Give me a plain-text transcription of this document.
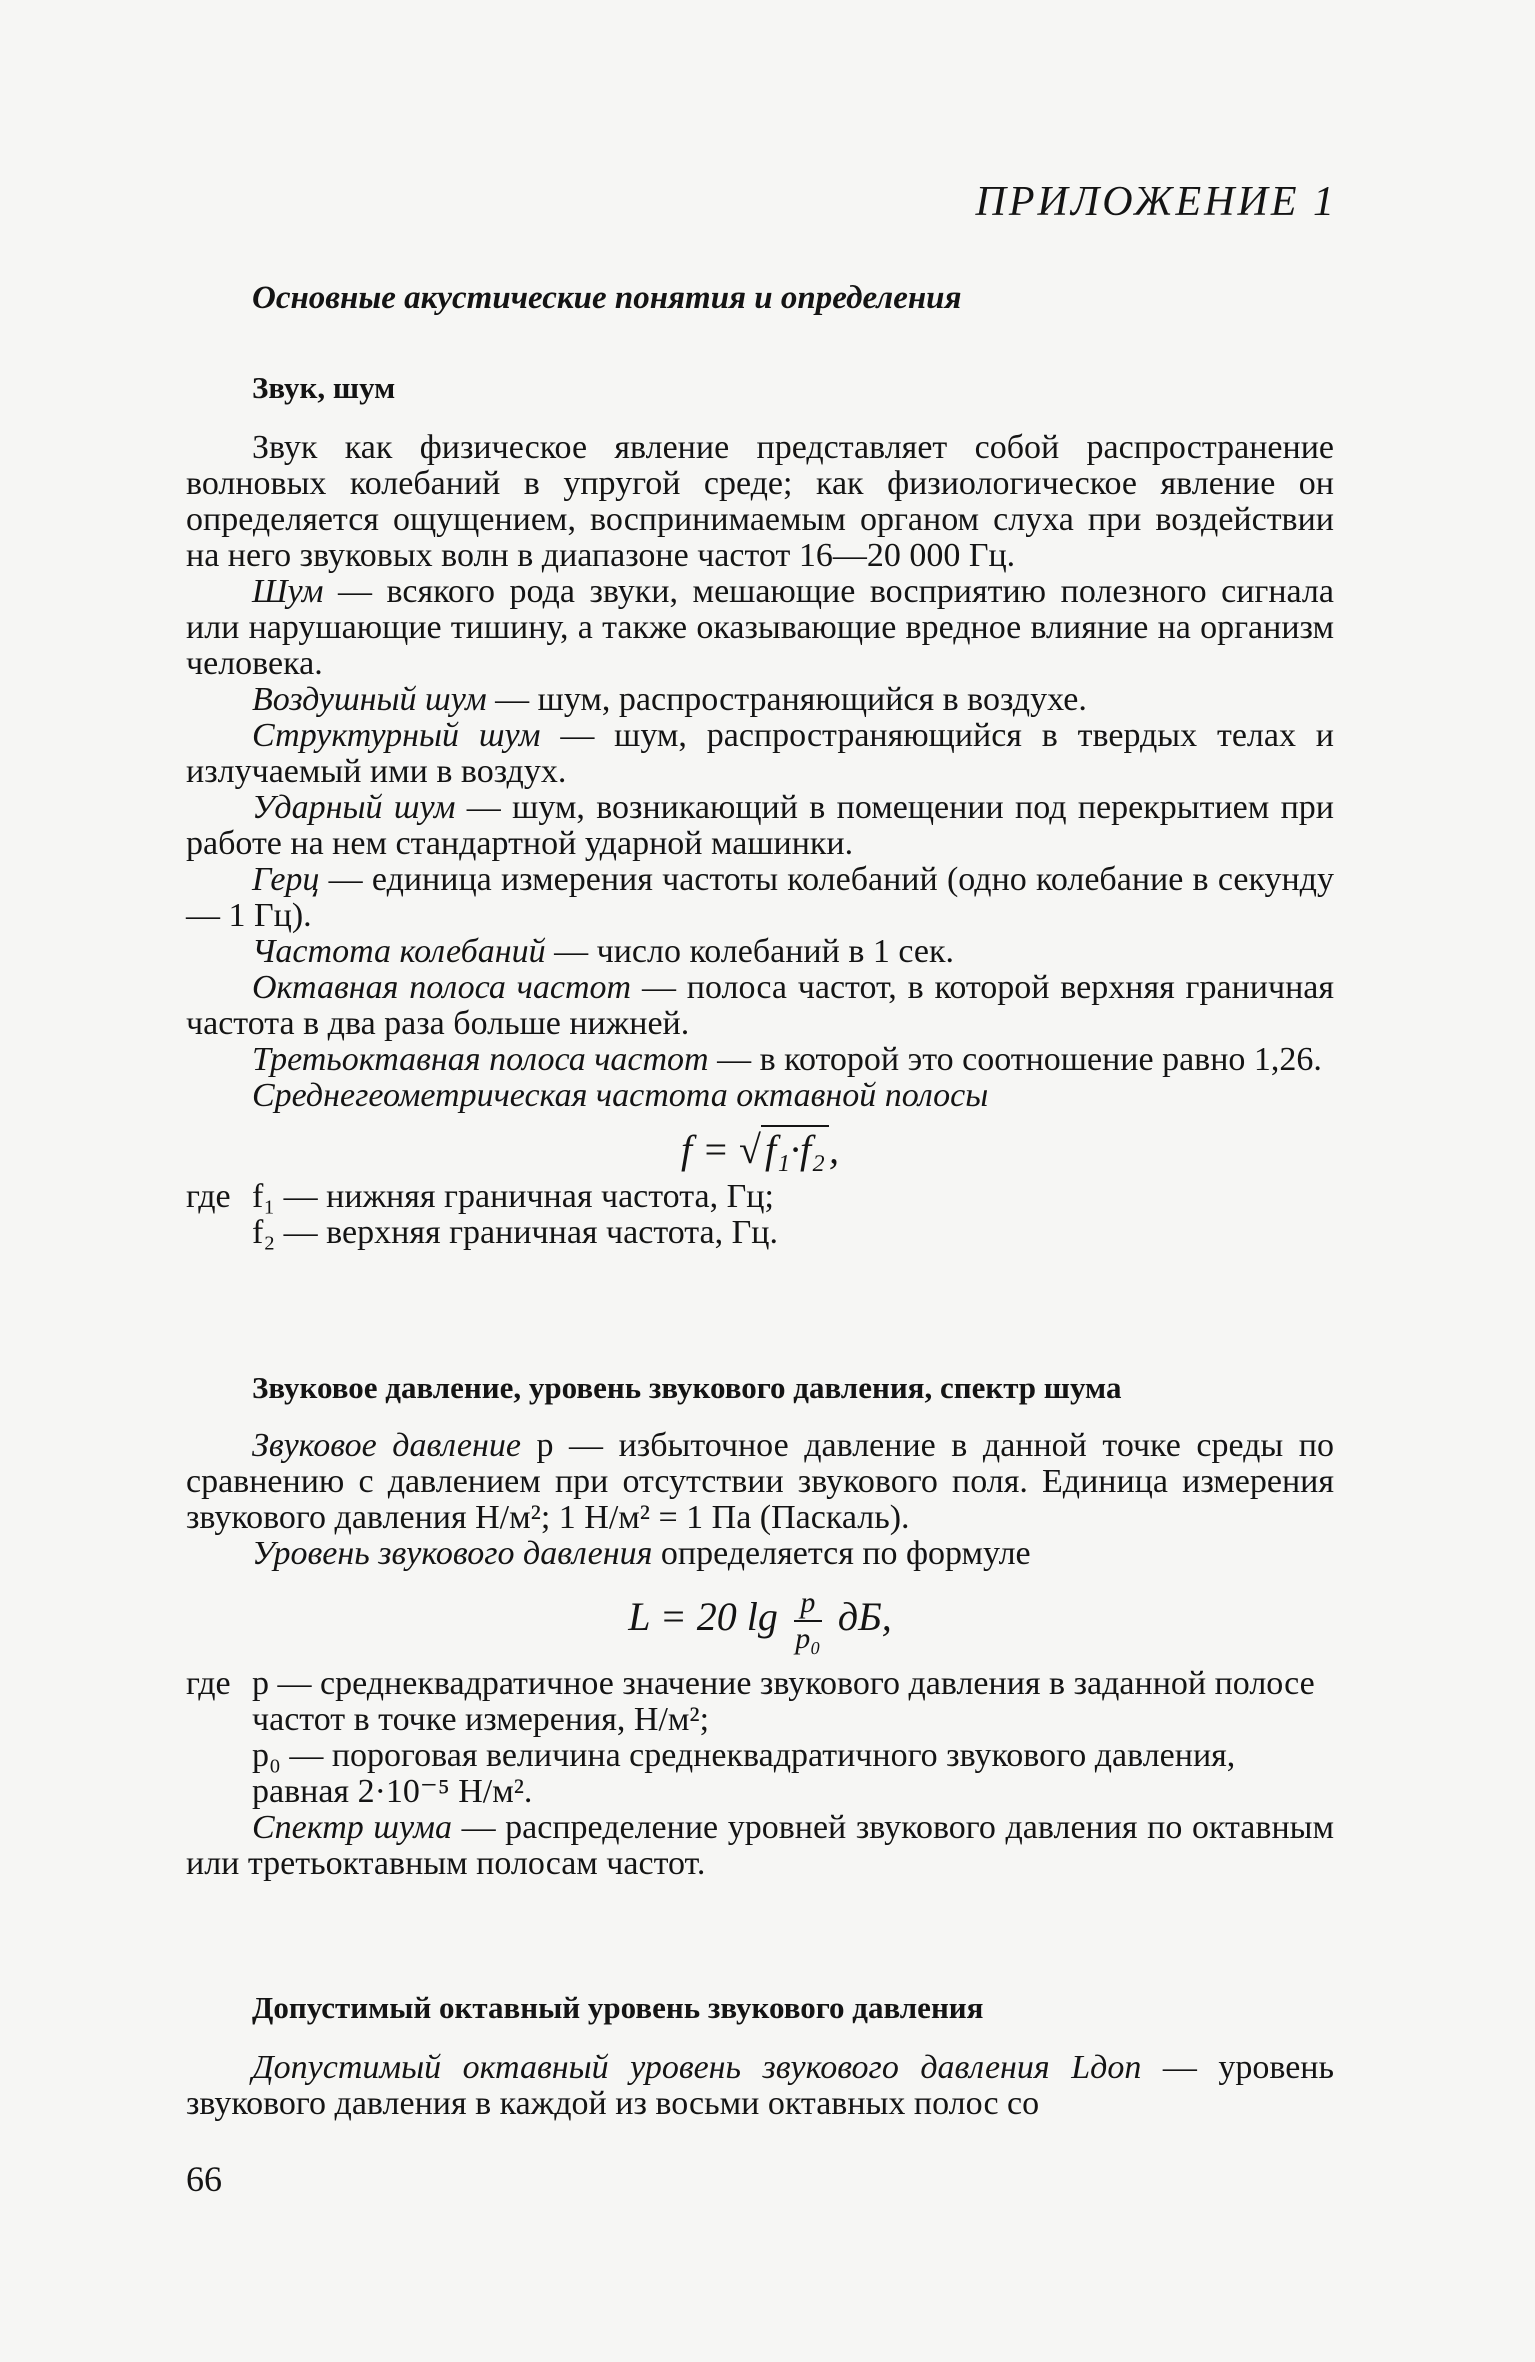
ПРИЛОЖЕНИЕ 1
Основные акустические понятия и определения
Звук, шум

Звук как физическое явление представляет собой распространение волновых колебаний в упругой среде; как физиологическое явление он определяется ощущением, воспринимаемым органом слуха при воздействии на него звуковых волн в диапазоне частот 16—20 000 Гц.

Шум — всякого рода звуки, мешающие восприятию полезного сигнала или нарушающие тишину, а также оказывающие вредное влияние на организм человека.

Воздушный шум — шум, распространяющийся в воздухе.

Структурный шум — шум, распространяющийся в твердых телах и излучаемый ими в воздух.

Ударный шум — шум, возникающий в помещении под перекрытием при работе на нем стандартной ударной машинки.

Герц — единица измерения частоты колебаний (одно колебание в секунду — 1 Гц).

Частота колебаний — число колебаний в 1 сек.

Октавная полоса частот — полоса частот, в которой верхняя граничная частота в два раза больше нижней.

Третьоктавная полоса частот — в которой это соотношение равно 1,26.

Среднегеометрическая частота октавной полосы

f = √ f₁·f₂ ,
где f₁ — нижняя граничная частота, Гц;
f₂ — верхняя граничная частота, Гц.
Звуковое давление, уровень звукового давления, спектр шума

Звуковое давление p — избыточное давление в данной точке среды по сравнению с давлением при отсутствии звукового поля. Единица измерения звукового давления Н/м²; 1 Н/м² = 1 Па (Паскаль).

Уровень звукового давления определяется по формуле

L = 20 $\lg \frac{p}{\text{p₀}}$ дБ,
где p — среднеквадратичное значение звукового давления в заданной полосе частот в точке измерения, Н/м²;
p₀ — пороговая величина среднеквадратичного звукового давления, равная 2·10⁻⁵ Н/м².

Спектр шума — распределение уровней звукового давления по октавным или третьоктавным полосам частот.

Допустимый октавный уровень звукового давления

Допустимый октавный уровень звукового давления Lдоп — уровень звукового давления в каждой из восьми октавных полос со

66
